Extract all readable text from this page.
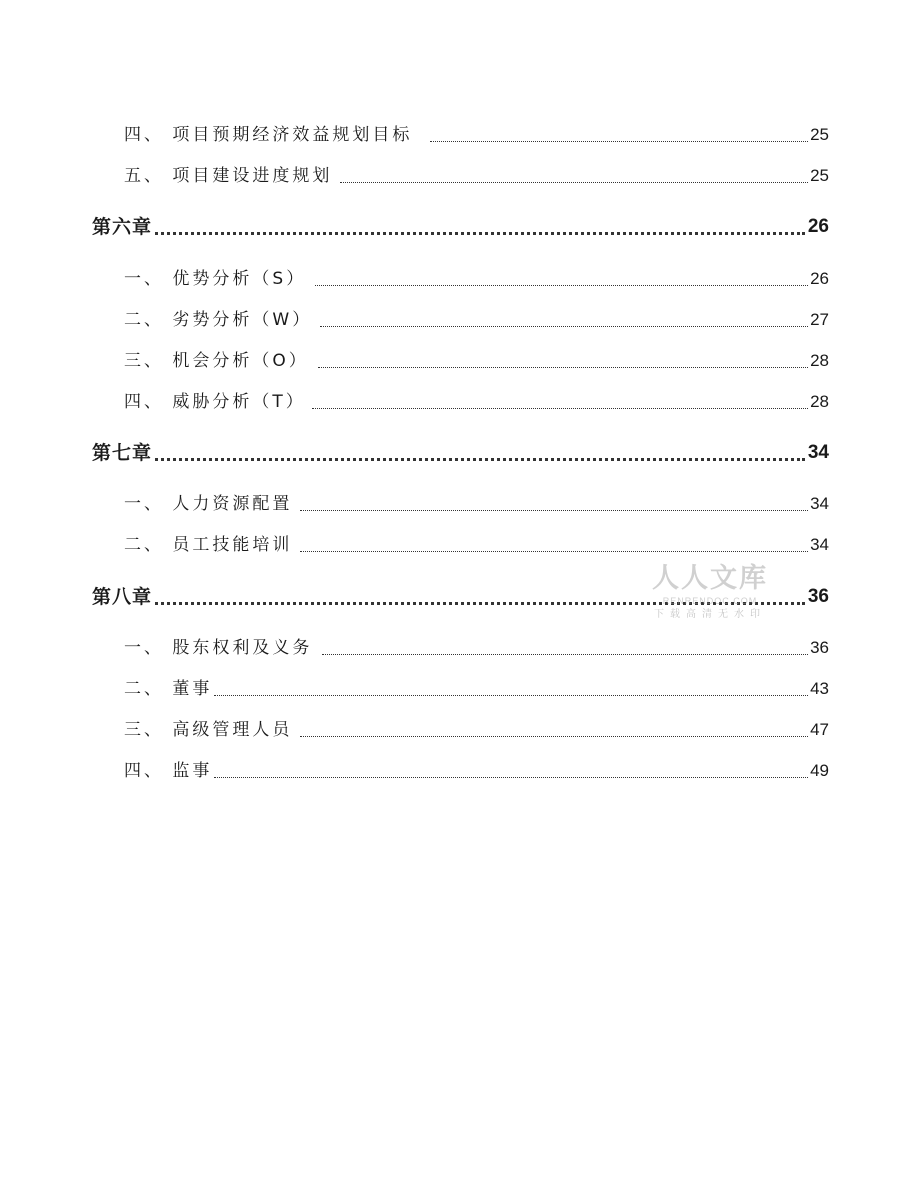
四、 项目预期经济效益规划目标	25
五、 项目建设进度规划	25
第六章	26
一、 优势分析（S）	26
二、 劣势分析（W）	27
三、 机会分析（O）	28
四、 威胁分析（T）	28
第七章	34
一、 人力资源配置	34
二、 员工技能培训	34
第八章	36
一、 股东权利及义务	36
二、 董事	43
三、 高级管理人员	47
四、 监事	49
人人文库
RENRENDOC.COM
下载高清无水印
